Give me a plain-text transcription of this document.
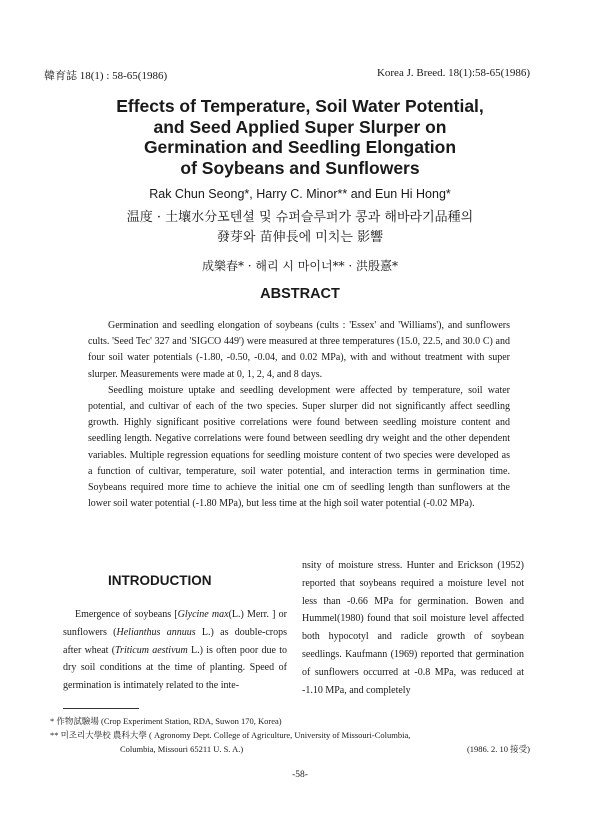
韓育誌 18(1) : 58-65(1986)	Korea J. Breed. 18(1):58-65(1986)
Effects of Temperature, Soil Water Potential,
and Seed Applied Super Slurper on
Germination and Seedling Elongation
of Soybeans and Sunflowers
Rak Chun Seong*, Harry C. Minor** and Eun Hi Hong*
温度 · 土壤水分포텐셜 및 슈퍼슬루퍼가 콩과 해바라기品種의
發芽와 苗伸長에 미치는 影響
成樂春* · 해리 시 마이너** · 洪殷憙*
ABSTRACT

Germination and seedling elongation of soybeans (cults : 'Essex' and 'Williams'), and sunflowers cults. 'Seed Tec' 327 and 'SIGCO 449') were measured at three temperatures (15.0, 22.5, and 30.0 C) and four soil water potentials (-1.80, -0.50, -0.04, and 0.02 MPa), with and without treatment with super slurper. Measurements were made at 0, 1, 2, 4, and 8 days.

Seedling moisture uptake and seedling development were affected by temperature, soil water potential, and cultivar of each of the two species. Super slurper did not significantly affect seedling growth. Highly significant positive correlations were found between seedling moisture content and seedling length. Negative correlations were found between seedling dry weight and the other dependent variables. Multiple regression equations for seedling moisture content of two species were developed as a function of cultivar, temperature, soil water potential, and interaction terms in germination time. Soybeans required more time to achieve the initial one cm of seedling length than sunflowers at the lower soil water potential (-1.80 MPa), but less time at the high soil water potential (-0.02 MPa).

INTRODUCTION

Emergence of soybeans [Glycine max(L.) Merr. ] or sunflowers (Helianthus annuus L.) as double-crops after wheat (Triticum aestivum L.) is often poor due to dry soil conditions at the time of planting. Speed of germination is intimately related to the inte-

nsity of moisture stress. Hunter and Erickson (1952) reported that soybeans required a moisture level not less than -0.66 MPa for germination. Bowen and Hummel(1980) found that soil moisture level affected both hypocotyl and radicle growth of soybean seedlings. Kaufmann (1969) reported that germination of sunflowers occurred at -0.8 MPa, was reduced at -1.10 MPa, and completely

* 作物試驗場 (Crop Experiment Station, RDA, Suwon 170, Korea)
** 미조리大學校 農科大學 ( Agronomy Dept. College of Agriculture, University of Missouri-Columbia,
Columbia, Missouri 65211 U. S. A.)	(1986. 2. 10 接受)
-58-
